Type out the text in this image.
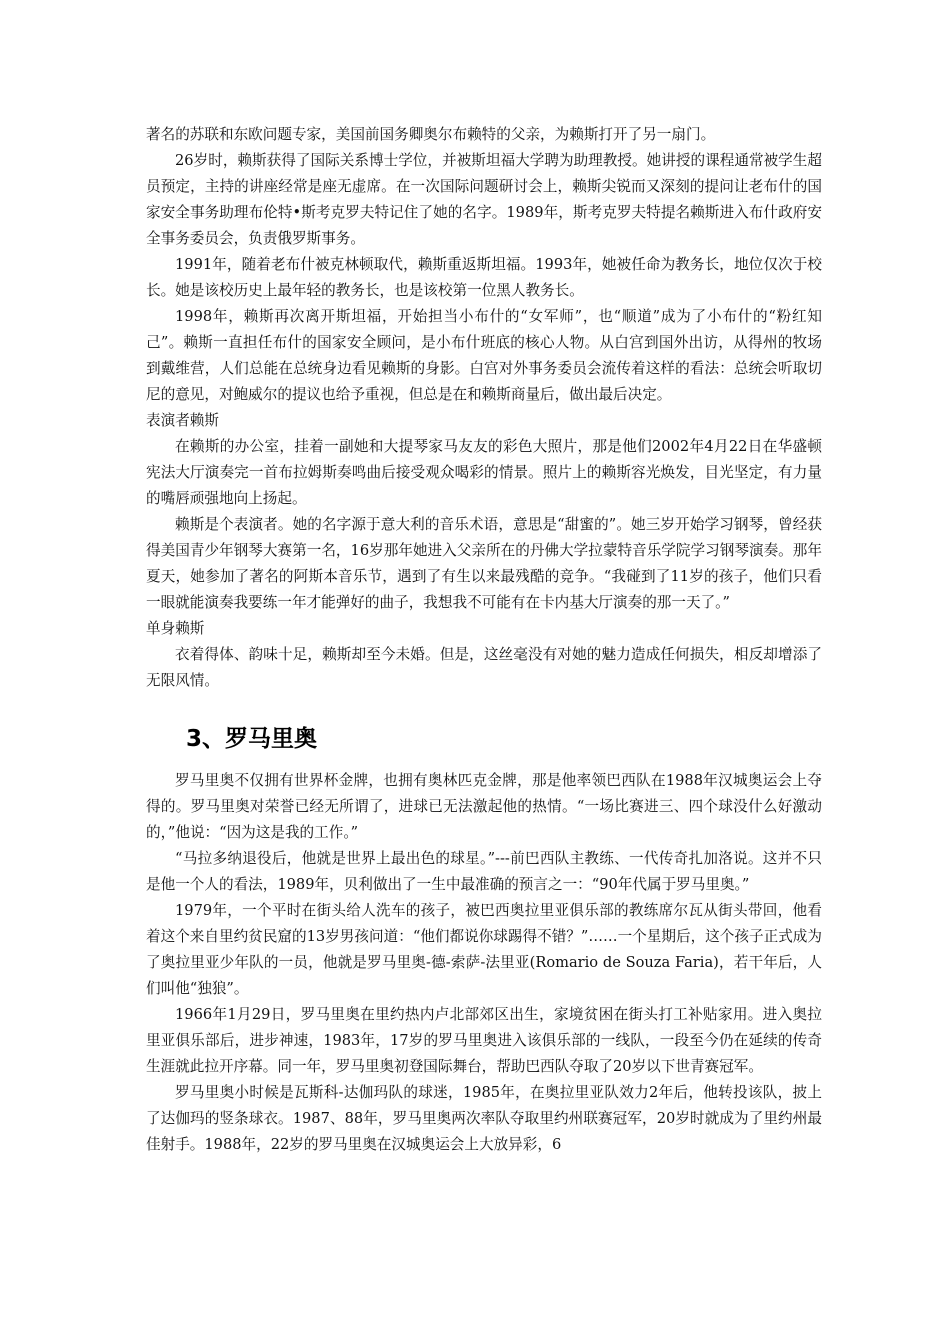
著名的苏联和东欧问题专家，美国前国务卿奥尔布赖特的父亲，为赖斯打开了另一扇门。

26岁时，赖斯获得了国际关系博士学位，并被斯坦福大学聘为助理教授。她讲授的课程通常被学生超员预定，主持的讲座经常是座无虚席。在一次国际问题研讨会上，赖斯尖锐而又深刻的提问让老布什的国家安全事务助理布伦特•斯考克罗夫特记住了她的名字。1989年，斯考克罗夫特提名赖斯进入布什政府安全事务委员会，负责俄罗斯事务。

1991年，随着老布什被克林顿取代，赖斯重返斯坦福。1993年，她被任命为教务长，地位仅次于校长。她是该校历史上最年轻的教务长，也是该校第一位黑人教务长。

1998年，赖斯再次离开斯坦福，开始担当小布什的“女军师”，也“顺道”成为了小布什的“粉红知己”。赖斯一直担任布什的国家安全顾问，是小布什班底的核心人物。从白宫到国外出访，从得州的牧场到戴维营，人们总能在总统身边看见赖斯的身影。白宫对外事务委员会流传着这样的看法：总统会听取切尼的意见，对鲍威尔的提议也给予重视，但总是在和赖斯商量后，做出最后决定。

表演者赖斯

在赖斯的办公室，挂着一副她和大提琴家马友友的彩色大照片，那是他们2002年4月22日在华盛顿宪法大厅演奏完一首布拉姆斯奏鸣曲后接受观众喝彩的情景。照片上的赖斯容光焕发，目光坚定，有力量的嘴唇顽强地向上扬起。

赖斯是个表演者。她的名字源于意大利的音乐术语，意思是“甜蜜的”。她三岁开始学习钢琴，曾经获得美国青少年钢琴大赛第一名，16岁那年她进入父亲所在的丹佛大学拉蒙特音乐学院学习钢琴演奏。那年夏天，她参加了著名的阿斯本音乐节，遇到了有生以来最残酷的竞争。“我碰到了11岁的孩子，他们只看一眼就能演奏我要练一年才能弹好的曲子，我想我不可能有在卡内基大厅演奏的那一天了。”

单身赖斯

衣着得体、韵味十足，赖斯却至今未婚。但是，这丝毫没有对她的魅力造成任何损失，相反却增添了无限风情。

3、罗马里奥

罗马里奥不仅拥有世界杯金牌，也拥有奥林匹克金牌，那是他率领巴西队在1988年汉城奥运会上夺得的。罗马里奥对荣誉已经无所谓了，进球已无法激起他的热情。“一场比赛进三、四个球没什么好激动的，”他说：“因为这是我的工作。”

“马拉多纳退役后，他就是世界上最出色的球星。”---前巴西队主教练、一代传奇扎加洛说。这并不只是他一个人的看法，1989年，贝利做出了一生中最准确的预言之一：“90年代属于罗马里奥。”

1979年，一个平时在街头给人洗车的孩子，被巴西奥拉里亚俱乐部的教练席尔瓦从街头带回，他看着这个来自里约贫民窟的13岁男孩问道：“他们都说你球踢得不错？”……一个星期后，这个孩子正式成为了奥拉里亚少年队的一员，他就是罗马里奥-德-索萨-法里亚(Romario de Souza Faria)，若干年后，人们叫他“独狼”。

1966年1月29日，罗马里奥在里约热内卢北部郊区出生，家境贫困在街头打工补贴家用。进入奥拉里亚俱乐部后，进步神速，1983年，17岁的罗马里奥进入该俱乐部的一线队，一段至今仍在延续的传奇生涯就此拉开序幕。同一年，罗马里奥初登国际舞台，帮助巴西队夺取了20岁以下世青赛冠军。

罗马里奥小时候是瓦斯科-达伽玛队的球迷，1985年，在奥拉里亚队效力2年后，他转投该队，披上了达伽玛的竖条球衣。1987、88年，罗马里奥两次率队夺取里约州联赛冠军，20岁时就成为了里约州最佳射手。1988年，22岁的罗马里奥在汉城奥运会上大放异彩，6
